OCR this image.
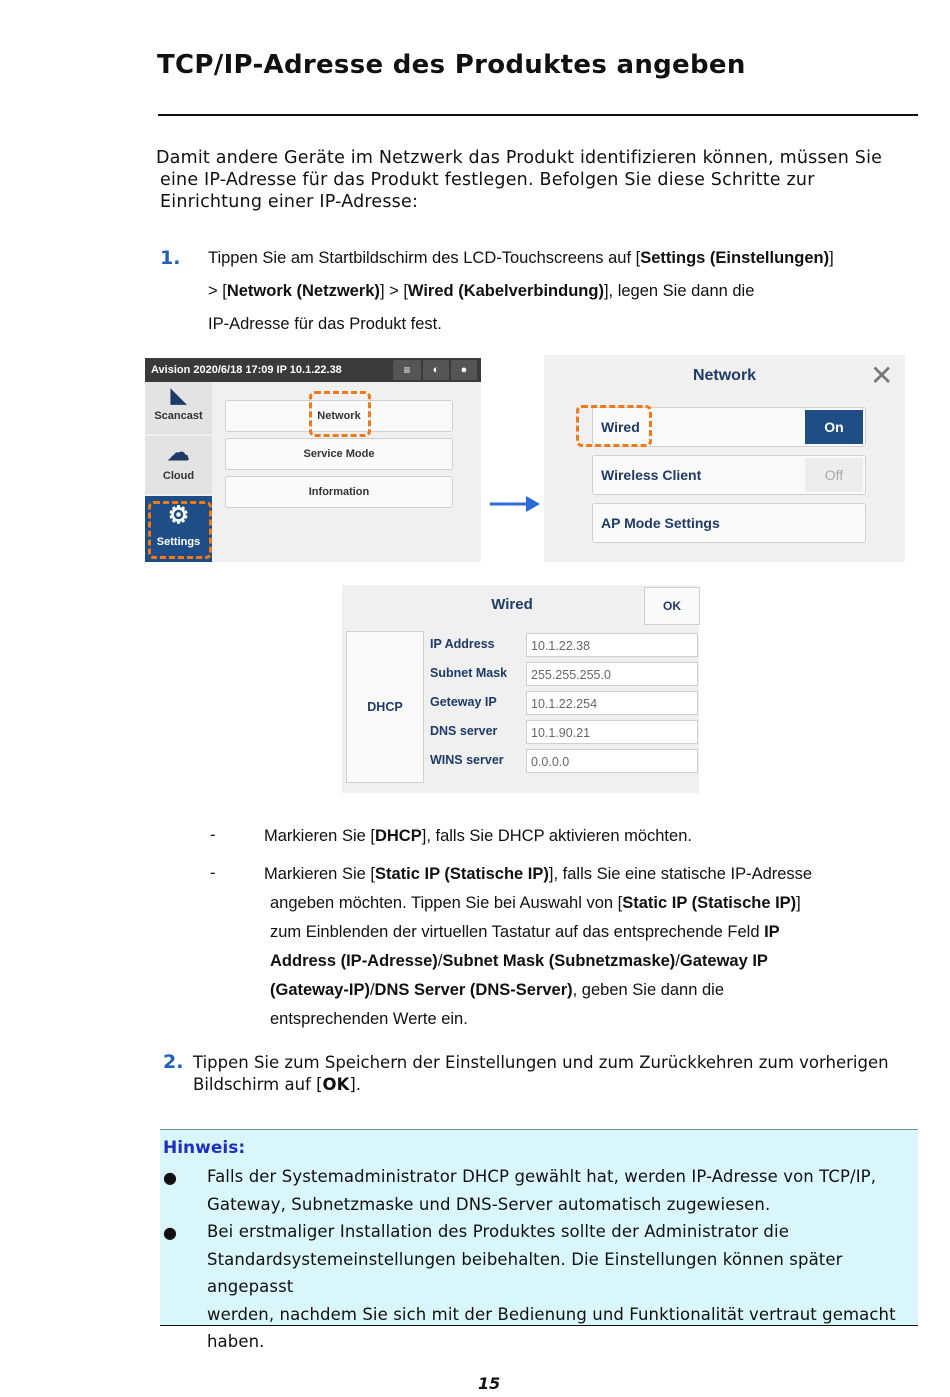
TCP/IP-Adresse des Produktes angeben
Damit andere Geräte im Netzwerk das Produkt identifizieren können, müssen Sie
eine IP-Adresse für das Produkt festlegen. Befolgen Sie diese Schritte zur
Einrichtung einer IP-Adresse:
1. Tippen Sie am Startbildschirm des LCD-Touchscreens auf [Settings (Einstellungen)]
> [Network (Netzwerk)] > [Wired (Kabelverbindung)], legen Sie dann die
IP-Adresse für das Produkt fest.
Avision 2020/6/18 17:09 IP 10.1.22.38	≡	◐	●
◣
Scancast
☁
Cloud
⚙
Settings
Network
Service Mode
Information
Network	✕
Wired	On
Wireless Client	Off
AP Mode Settings
Wired	OK
DHCP
IP Address	10.1.22.38
Subnet Mask	255.255.255.0
Geteway IP	10.1.22.254
DNS server	10.1.90.21
WINS server	0.0.0.0
-	Markieren Sie [DHCP], falls Sie DHCP aktivieren möchten.
-	Markieren Sie [Static IP (Statische IP)], falls Sie eine statische IP-Adresse
angeben möchten. Tippen Sie bei Auswahl von [Static IP (Statische IP)]
zum Einblenden der virtuellen Tastatur auf das entsprechende Feld IP
Address (IP-Adresse)/Subnet Mask (Subnetzmaske)/Gateway IP
(Gateway-IP)/DNS Server (DNS-Server), geben Sie dann die
entsprechenden Werte ein.
2. Tippen Sie zum Speichern der Einstellungen und zum Zurückkehren zum vorherigen
Bildschirm auf [OK].
Hinweis:
● Falls der Systemadministrator DHCP gewählt hat, werden IP-Adresse von TCP/IP,
Gateway, Subnetzmaske und DNS-Server automatisch zugewiesen.
● Bei erstmaliger Installation des Produktes sollte der Administrator die
Standardsystemeinstellungen beibehalten. Die Einstellungen können später angepasst
werden, nachdem Sie sich mit der Bedienung und Funktionalität vertraut gemacht
haben.
15
